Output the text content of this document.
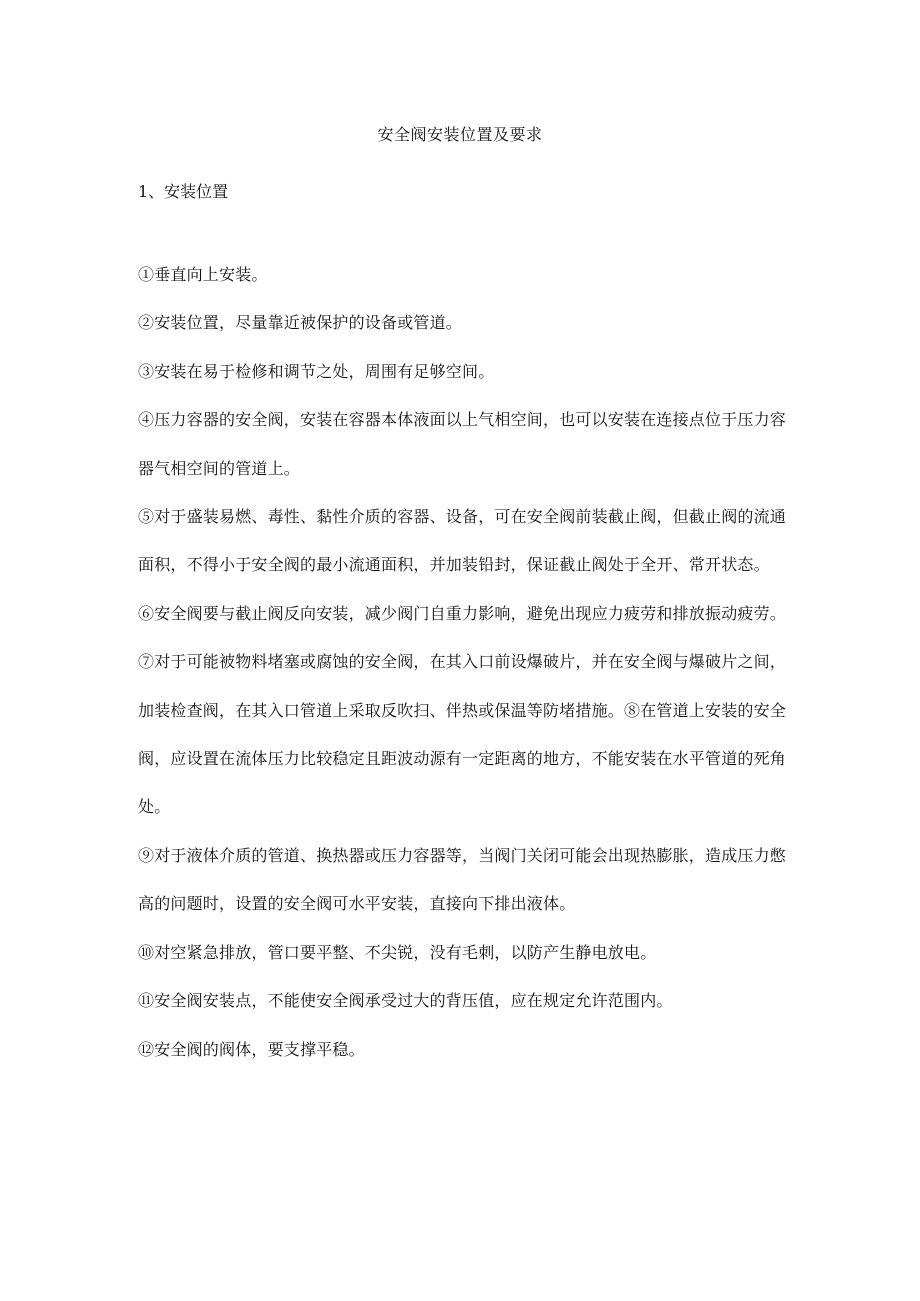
安全阀安装位置及要求
1、安装位置

①垂直向上安装。

②安装位置，尽量靠近被保护的设备或管道。

③安装在易于检修和调节之处，周围有足够空间。

④压力容器的安全阀，安装在容器本体液面以上气相空间，也可以安装在连接点位于压力容器气相空间的管道上。

⑤对于盛装易燃、毒性、黏性介质的容器、设备，可在安全阀前装截止阀，但截止阀的流通面积，不得小于安全阀的最小流通面积，并加装铅封，保证截止阀处于全开、常开状态。

⑥安全阀要与截止阀反向安装，减少阀门自重力影响，避免出现应力疲劳和排放振动疲劳。

⑦对于可能被物料堵塞或腐蚀的安全阀，在其入口前设爆破片，并在安全阀与爆破片之间，加装检查阀，在其入口管道上采取反吹扫、伴热或保温等防堵措施。⑧在管道上安装的安全阀，应设置在流体压力比较稳定且距波动源有一定距离的地方，不能安装在水平管道的死角处。

⑨对于液体介质的管道、换热器或压力容器等，当阀门关闭可能会出现热膨胀，造成压力憋高的问题时，设置的安全阀可水平安装，直接向下排出液体。

⑩对空紧急排放，管口要平整、不尖锐，没有毛刺，以防产生静电放电。

⑪安全阀安装点，不能使安全阀承受过大的背压值，应在规定允许范围内。

⑫安全阀的阀体，要支撑平稳。
